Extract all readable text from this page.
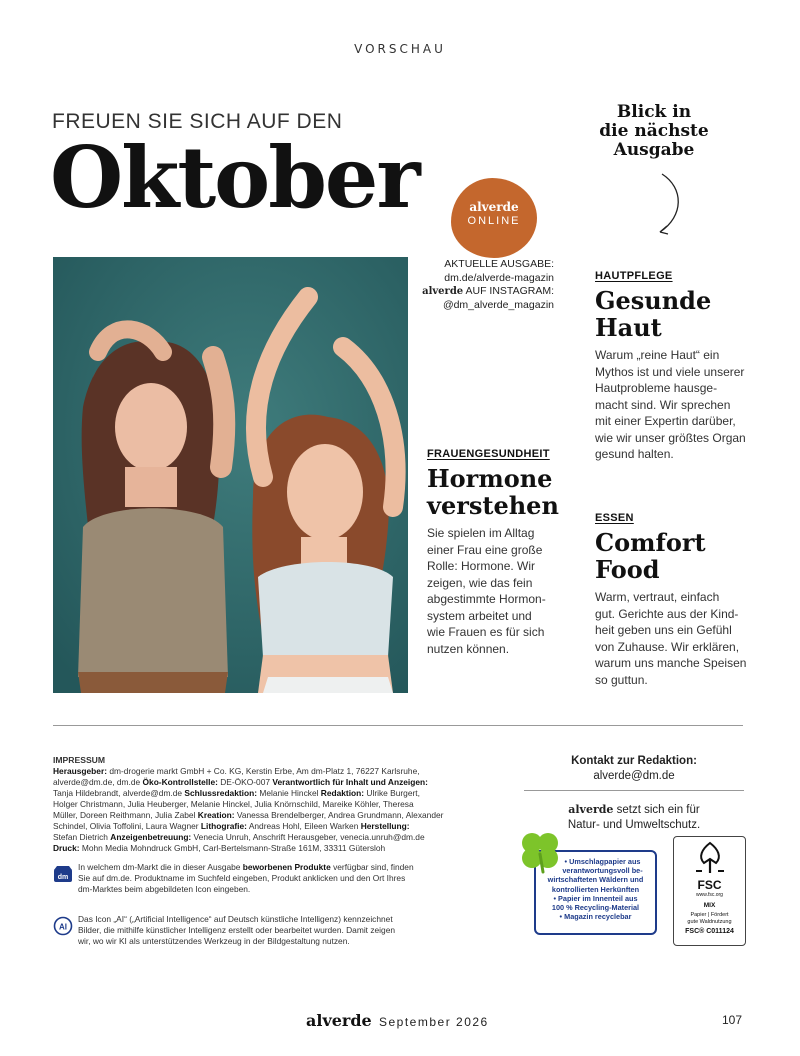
VORSCHAU
FREUEN SIE SICH AUF DEN
Oktober
Blick in
die nächste
Ausgabe
alverde
ONLINE
AKTUELLE AUSGABE:
dm.de/alverde-magazin
alverde AUF INSTAGRAM:
@dm_alverde_magazin
HAUTPFLEGE
Gesunde
Haut
Warum „reine Haut“ ein
Mythos ist und viele unserer
Hautprobleme hausge-
macht sind. Wir sprechen
mit einer Expertin darüber,
wie wir unser größtes Organ
gesund halten.
FRAUENGESUNDHEIT
Hormone
verstehen
Sie spielen im Alltag
einer Frau eine große
Rolle: Hormone. Wir
zeigen, wie das fein
abgestimmte Hormon-
system arbeitet und
wie Frauen es für sich
nutzen können.
ESSEN
Comfort
Food
Warm, vertraut, einfach
gut. Gerichte aus der Kind-
heit geben uns ein Gefühl
von Zuhause. Wir erklären,
warum uns manche Speisen
so guttun.
IMPRESSUM
Herausgeber: dm-drogerie markt GmbH + Co. KG, Kerstin Erbe, Am dm-Platz 1, 76227 Karlsruhe,
alverde@dm.de, dm.de Öko-Kontrollstelle: DE-ÖKO-007 Verantwortlich für Inhalt und Anzeigen:
Tanja Hildebrandt, alverde@dm.de Schlussredaktion: Melanie Hinckel Redaktion: Ulrike Burgert,
Holger Christmann, Julia Heuberger, Melanie Hinckel, Julia Knörnschild, Mareike Köhler, Theresa
Müller, Doreen Reithmann, Julia Zabel Kreation: Vanessa Brendelberger, Andrea Grundmann, Alexander
Schindel, Olivia Toffolini, Laura Wagner Lithografie: Andreas Hohl, Eileen Warken Herstellung:
Stefan Dietrich Anzeigenbetreuung: Venecia Unruh, Anschrift Herausgeber, venecia.unruh@dm.de
Druck: Mohn Media Mohndruck GmbH, Carl-Bertelsmann-Straße 161M, 33311 Gütersloh
dm
In welchem dm-Markt die in dieser Ausgabe beworbenen Produkte verfügbar sind, finden
Sie auf dm.de. Produktname im Suchfeld eingeben, Produkt anklicken und den Ort Ihres
dm-Marktes beim abgebildeten Icon eingeben.
AI
Das Icon „AI“ („Artificial Intelligence“ auf Deutsch künstliche Intelligenz) kennzeichnet
Bilder, die mithilfe künstlicher Intelligenz erstellt oder bearbeitet wurden. Damit zeigen
wir, wo wir KI als unterstützendes Werkzeug in der Bildgestaltung nutzen.
Kontakt zur Redaktion:
alverde@dm.de
alverde setzt sich ein für
Natur- und Umweltschutz.
• Umschlagpapier aus
verantwortungsvoll be-
wirtschafteten Wäldern und
kontrollierten Herkünften
• Papier im Innenteil aus
100 % Recycling-Material
• Magazin recyclebar
FSC
www.fsc.org
MIX
Papier | Fördert
gute Waldnutzung
FSC® C011124
alverde September 2026	107
